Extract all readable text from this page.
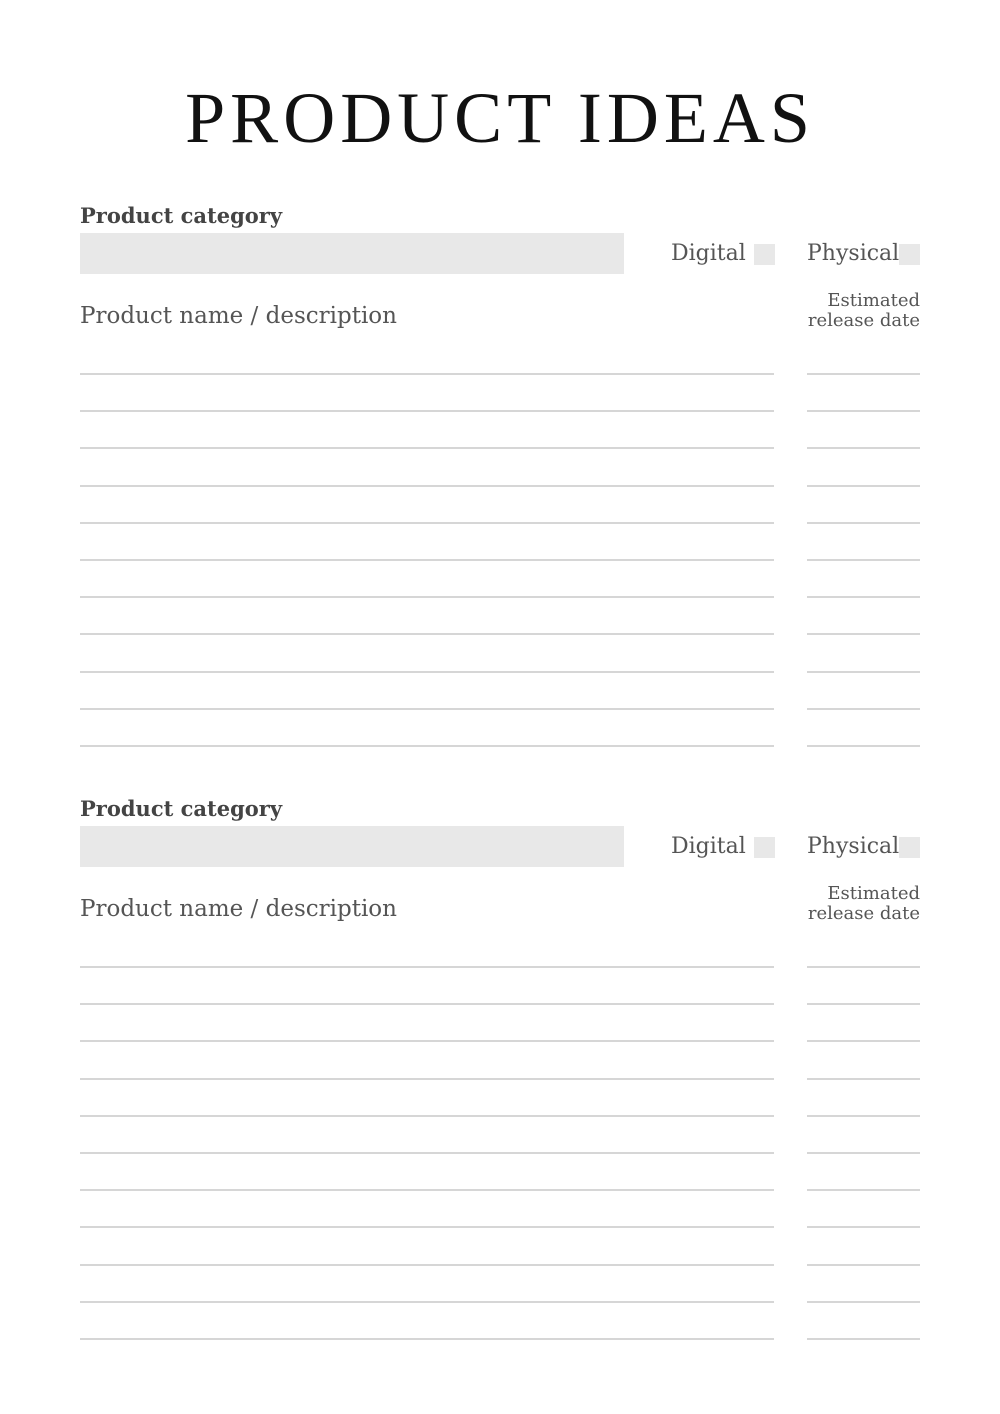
PRODUCT IDEAS
Product category
Digital	Physical
Product name / description
Estimated
release date
Product category
Digital	Physical
Product name / description
Estimated
release date
